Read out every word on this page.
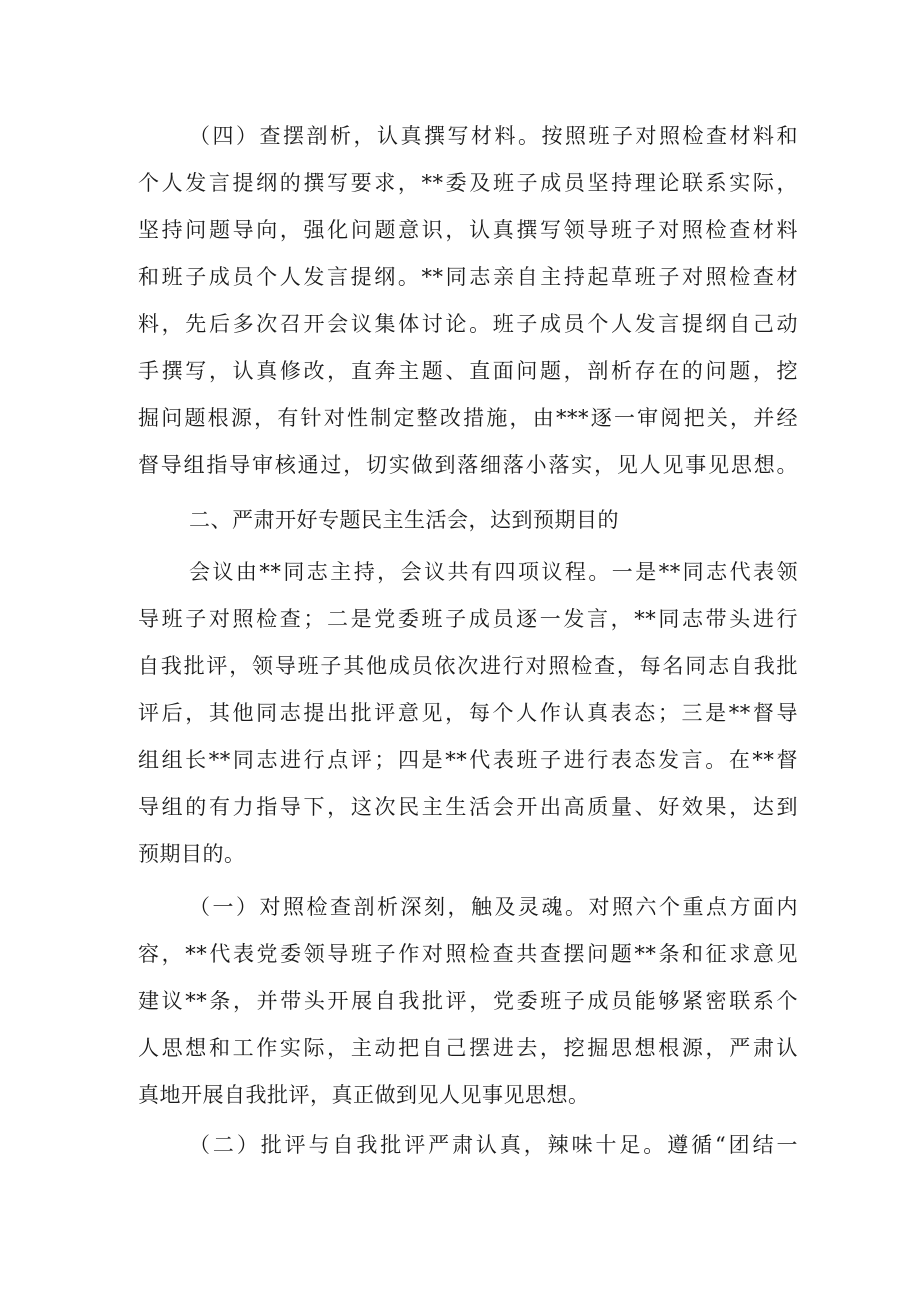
（四）查摆剖析，认真撰写材料。按照班子对照检查材料和
个人发言提纲的撰写要求，**委及班子成员坚持理论联系实际，
坚持问题导向，强化问题意识，认真撰写领导班子对照检查材料
和班子成员个人发言提纲。**同志亲自主持起草班子对照检查材
料，先后多次召开会议集体讨论。班子成员个人发言提纲自己动
手撰写，认真修改，直奔主题、直面问题，剖析存在的问题，挖
掘问题根源，有针对性制定整改措施，由***逐一审阅把关，并经
督导组指导审核通过，切实做到落细落小落实，见人见事见思想。
二、严肃开好专题民主生活会，达到预期目的
会议由**同志主持，会议共有四项议程。一是**同志代表领
导班子对照检查；二是党委班子成员逐一发言，**同志带头进行
自我批评，领导班子其他成员依次进行对照检查，每名同志自我批
评后，其他同志提出批评意见，每个人作认真表态；三是**督导
组组长**同志进行点评；四是**代表班子进行表态发言。在**督
导组的有力指导下，这次民主生活会开出高质量、好效果，达到
预期目的。
（一）对照检查剖析深刻，触及灵魂。对照六个重点方面内
容，**代表党委领导班子作对照检查共查摆问题**条和征求意见
建议**条，并带头开展自我批评，党委班子成员能够紧密联系个
人思想和工作实际，主动把自己摆进去，挖掘思想根源，严肃认
真地开展自我批评，真正做到见人见事见思想。
（二）批评与自我批评严肃认真，辣味十足。遵循“团结一
